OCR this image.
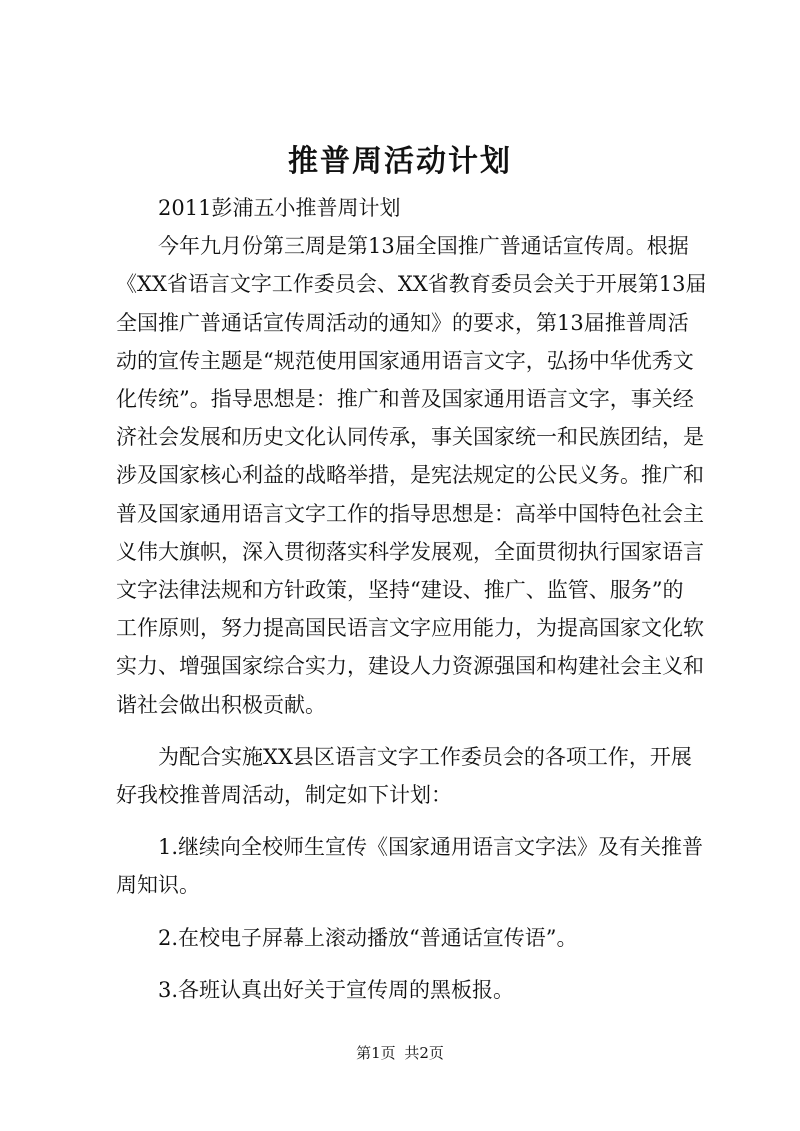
推普周活动计划
2011彭浦五小推普周计划
今年九月份第三周是第13届全国推广普通话宣传周。根据
《XX省语言文字工作委员会、XX省教育委员会关于开展第13届
全国推广普通话宣传周活动的通知》的要求，第13届推普周活
动的宣传主题是“规范使用国家通用语言文字，弘扬中华优秀文
化传统”。指导思想是：推广和普及国家通用语言文字，事关经
济社会发展和历史文化认同传承，事关国家统一和民族团结，是
涉及国家核心利益的战略举措，是宪法规定的公民义务。推广和
普及国家通用语言文字工作的指导思想是：高举中国特色社会主
义伟大旗帜，深入贯彻落实科学发展观，全面贯彻执行国家语言
文字法律法规和方针政策，坚持“建设、推广、监管、服务”的
工作原则，努力提高国民语言文字应用能力，为提高国家文化软
实力、增强国家综合实力，建设人力资源强国和构建社会主义和
谐社会做出积极贡献。
为配合实施XX县区语言文字工作委员会的各项工作，开展
好我校推普周活动，制定如下计划：
1.继续向全校师生宣传《国家通用语言文字法》及有关推普
周知识。
2.在校电子屏幕上滚动播放“普通话宣传语”。
3.各班认真出好关于宣传周的黑板报。
第1页 共2页
